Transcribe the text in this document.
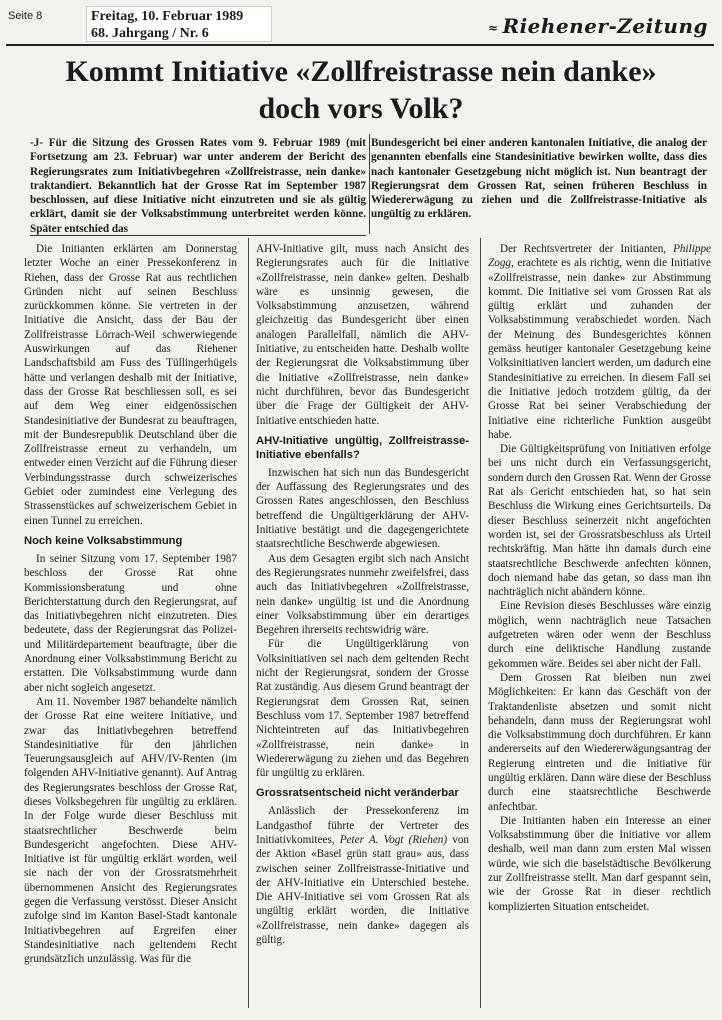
Seite 8	Freitag, 10. Februar 1989
68. Jahrgang / Nr. 6	≈ Riehener-Zeitung
Kommt Initiative «Zollfreistrasse nein danke»
doch vors Volk?
-J- Für die Sitzung des Grossen Rates vom 9. Februar 1989 (mit Fortsetzung am 23. Februar) war unter anderem der Bericht des Regierungsrates zum Initiativbegehren «Zollfreistrasse, nein danke» traktandiert. Bekanntlich hat der Grosse Rat im September 1987 beschlossen, auf diese Initiative nicht einzutreten und sie als gültig erklärt, damit sie der Volksabstimmung unterbreitet werden könne. Später entschied das
Bundesgericht bei einer anderen kantonalen Initiative, die analog der genannten ebenfalls eine Standesinitiative bewirken wollte, dass dies nach kantonaler Gesetzgebung nicht möglich ist. Nun beantragt der Regierungsrat dem Grossen Rat, seinen früheren Beschluss in Wiedererwägung zu ziehen und die Zollfreistrasse-Initiative als ungültig zu erklären.

Die Initianten erklärten am Donnerstag letzter Woche an einer Pressekonferenz in Riehen, dass der Grosse Rat aus rechtlichen Gründen nicht auf seinen Beschluss zurückkommen könne. Sie vertreten in der Initiative die Ansicht, dass der Bau der Zollfreistrasse Lörrach-Weil schwerwiegende Auswirkungen auf das Riehener Landschaftsbild am Fuss des Tüllingerhügels hätte und verlangen deshalb mit der Initiative, dass der Grosse Rat beschliessen soll, es sei auf dem Weg einer eidgenössischen Standesinitiative der Bundesrat zu beauftragen, mit der Bundesrepublik Deutschland über die Zollfreistrasse erneut zu verhandeln, um entweder einen Verzicht auf die Führung dieser Verbindungsstrasse durch schweizerisches Gebiet oder zumindest eine Verlegung des Strassenstückes auf schweizerischem Gebiet in einen Tunnel zu erreichen.

Noch keine Volksabstimmung

In seiner Sitzung vom 17. September 1987 beschloss der Grosse Rat ohne Kommissionsberatung und ohne Berichterstattung durch den Regierungsrat, auf das Initiativbegehren nicht einzutreten. Dies bedeutete, dass der Regierungsrat das Polizei- und Militärdepartement beauftragte, über die Anordnung einer Volksabstimmung Bericht zu erstatten. Die Volksabstimmung wurde dann aber nicht sogleich angesetzt.

Am 11. November 1987 behandelte nämlich der Grosse Rat eine weitere Initiative, und zwar das Initiativbegehren betreffend Standesinitiative für den jährlichen Teuerungsausgleich auf AHV/IV-Renten (im folgenden AHV-Initiative genannt). Auf Antrag des Regierungsrates beschloss der Grosse Rat, dieses Volksbegehren für ungültig zu erklären. In der Folge wurde dieser Beschluss mit staatsrechtlicher Beschwerde beim Bundesgericht angefochten. Diese AHV-Initiative ist für ungültig erklärt worden, weil sie nach der von der Grossratsmehrheit übernommenen Ansicht des Regierungsrates gegen die Verfassung verstösst. Dieser Ansicht zufolge sind im Kanton Basel-Stadt kantonale Initiativbegehren auf Ergreifen einer Standesinitiative nach geltendem Recht grundsätzlich unzulässig. Was für die

AHV-Initiative gilt, muss nach Ansicht des Regierungsrates auch für die Initiative «Zollfreistrasse, nein danke» gelten. Deshalb wäre es unsinnig gewesen, die Volksabstimmung anzusetzen, während gleichzeitig das Bundesgericht über einen analogen Parallelfall, nämlich die AHV-Initiative, zu entscheiden hatte. Deshalb wollte der Regierungsrat die Volksabstimmung über die Initiative «Zollfreistrasse, nein danke» nicht durchführen, bevor das Bundesgericht über die Frage der Gültigkeit der AHV-Initiative entschieden hatte.

AHV-Initiative ungültig, Zollfreistrasse-Initiative ebenfalls?

Inzwischen hat sich nun das Bundesgericht der Auffassung des Regierungsrates und des Grossen Rates angeschlossen, den Beschluss betreffend die Ungültigerklärung der AHV-Initiative bestätigt und die dagegengerichtete staatsrechtliche Beschwerde abgewiesen.

Aus dem Gesagten ergibt sich nach Ansicht des Regierungsrates nunmehr zweifelsfrei, dass auch das Initiativbegehren «Zollfreistrasse, nein danke» ungültig ist und die Anordnung einer Volksabstimmung über ein derartiges Begehren ihrerseits rechtswidrig wäre.

Für die Ungültigerklärung von Volksinitiativen sei nach dem geltenden Recht nicht der Regierungsrat, sondern der Grosse Rat zuständig. Aus diesem Grund beantragt der Regierungsrat dem Grossen Rat, seinen Beschluss vom 17. September 1987 betreffend Nichteintreten auf das Initiativbegehren «Zollfreistrasse, nein danke» in Wiedererwägung zu ziehen und das Begehren für ungültig zu erklären.

Grossratsentscheid nicht veränderbar

Anlässlich der Pressekonferenz im Landgasthof führte der Vertreter des Initiativkomitees, Peter A. Vogt (Riehen) von der Aktion «Basel grün statt grau» aus, dass zwischen seiner Zollfreistrasse-Initiative und der AHV-Initiative ein Unterschied bestehe. Die AHV-Initiative sei vom Grossen Rat als ungültig erklärt worden, die Initiative «Zollfreistrasse, nein danke» dagegen als gültig.

Der Rechtsvertreter der Initianten, Philippe Zogg, erachtete es als richtig, wenn die Initiative «Zollfreistrasse, nein danke» zur Abstimmung kommt. Die Initiative sei vom Grossen Rat als gültig erklärt und zuhanden der Volksabstimmung verabschiedet worden. Nach der Meinung des Bundesgerichtes können gemäss heutiger kantonaler Gesetzgebung keine Volksinitiativen lanciert werden, um dadurch eine Standesinitiative zu erreichen. In diesem Fall sei die Initiative jedoch trotzdem gültig, da der Grosse Rat bei seiner Verabschiedung der Initiative eine richterliche Funktion ausgeübt habe.

Die Gültigkeitsprüfung von Initiativen erfolge bei uns nicht durch ein Verfassungsgericht, sondern durch den Grossen Rat. Wenn der Grosse Rat als Gericht entschieden hat, so hat sein Beschluss die Wirkung eines Gerichtsurteils. Da dieser Beschluss seinerzeit nicht angefochten worden ist, sei der Grossratsbeschluss als Urteil rechtskräftig. Man hätte ihn damals durch eine staatsrechtliche Beschwerde anfechten können, doch niemand habe das getan, so dass man ihn nachträglich nicht abändern könne.

Eine Revision dieses Beschlusses wäre einzig möglich, wenn nachträglich neue Tatsachen aufgetreten wären oder wenn der Beschluss durch eine deliktische Handlung zustande gekommen wäre. Beides sei aber nicht der Fall.

Dem Grossen Rat bleiben nun zwei Möglichkeiten: Er kann das Geschäft von der Traktandenliste absetzen und somit nicht behandeln, dann muss der Regierungsrat wohl die Volksabstimmung doch durchführen. Er kann andererseits auf den Wiedererwägungsantrag der Regierung eintreten und die Initiative für ungültig erklären. Dann wäre diese der Beschluss durch eine staatsrechtliche Beschwerde anfechtbar.

Die Initianten haben ein Interesse an einer Volksabstimmung über die Initiative vor allem deshalb, weil man dann zum ersten Mal wissen würde, wie sich die baselstädtische Bevölkerung zur Zollfreistrasse stellt. Man darf gespannt sein, wie der Grosse Rat in dieser rechtlich komplizierten Situation entscheidet.
